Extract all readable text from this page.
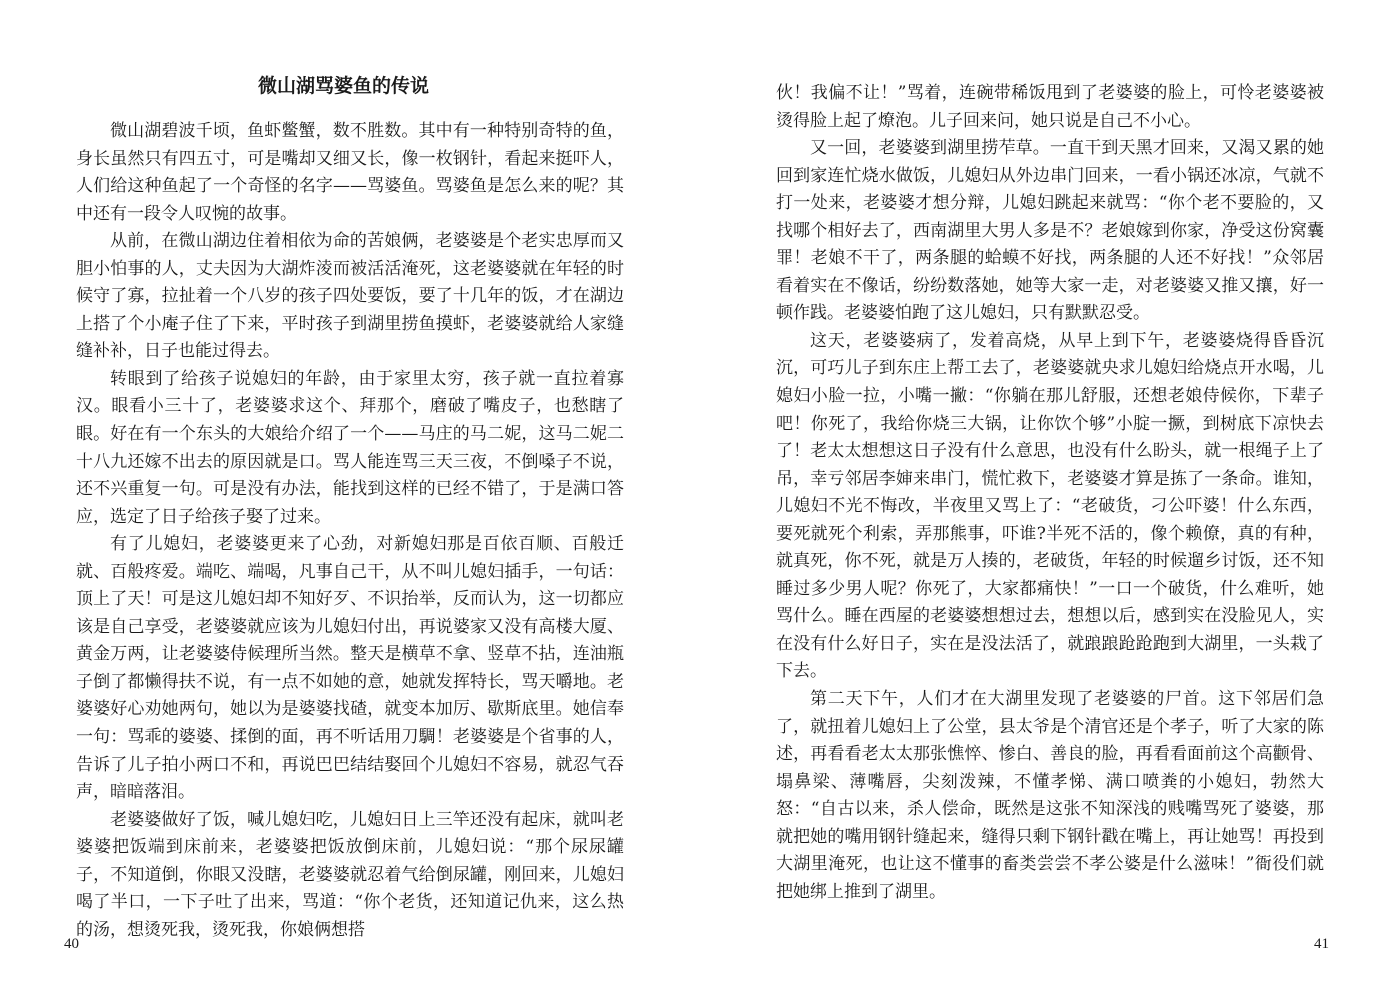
微山湖骂婆鱼的传说

微山湖碧波千顷，鱼虾鳖蟹，数不胜数。其中有一种特别奇特的鱼，身长虽然只有四五寸，可是嘴却又细又长，像一枚钢针，看起来挺吓人，人们给这种鱼起了一个奇怪的名字——骂婆鱼。骂婆鱼是怎么来的呢？其中还有一段令人叹惋的故事。

从前，在微山湖边住着相依为命的苦娘俩，老婆婆是个老实忠厚而又胆小怕事的人，丈夫因为大湖炸淩而被活活淹死，这老婆婆就在年轻的时候守了寡，拉扯着一个八岁的孩子四处要饭，要了十几年的饭，才在湖边上搭了个小庵子住了下来，平时孩子到湖里捞鱼摸虾，老婆婆就给人家缝缝补补，日子也能过得去。

转眼到了给孩子说媳妇的年龄，由于家里太穷，孩子就一直拉着寡汉。眼看小三十了，老婆婆求这个、拜那个，磨破了嘴皮子，也愁瞎了眼。好在有一个东头的大娘给介绍了一个——马庄的马二妮，这马二妮二十八九还嫁不出去的原因就是口。骂人能连骂三天三夜，不倒嗓子不说，还不兴重复一句。可是没有办法，能找到这样的已经不错了，于是满口答应，选定了日子给孩子娶了过来。

有了儿媳妇，老婆婆更来了心劲，对新媳妇那是百依百顺、百般迁就、百般疼爱。端吃、端喝，凡事自己干，从不叫儿媳妇插手，一句话：顶上了天！可是这儿媳妇却不知好歹、不识抬举，反而认为，这一切都应该是自己享受，老婆婆就应该为儿媳妇付出，再说婆家又没有高楼大厦、黄金万两，让老婆婆侍候理所当然。整天是横草不拿、竖草不拈，连油瓶子倒了都懒得扶不说，有一点不如她的意，她就发挥特长，骂天嚼地。老婆婆好心劝她两句，她以为是婆婆找碴，就变本加厉、歇斯底里。她信奉一句：骂乖的婆婆、揉倒的面，再不听话用刀騆！老婆婆是个省事的人，告诉了儿子拍小两口不和，再说巴巴结结娶回个儿媳妇不容易，就忍气吞声，暗暗落泪。

老婆婆做好了饭，喊儿媳妇吃，儿媳妇日上三竿还没有起床，就叫老婆婆把饭端到床前来，老婆婆把饭放倒床前，儿媳妇说：“那个尿尿罐子，不知道倒，你眼又没瞎，老婆婆就忍着气给倒尿罐，刚回来，儿媳妇喝了半口，一下子吐了出来，骂道：“你个老货，还知道记仇来，这么热的汤，想烫死我，烫死我，你娘俩想搭

40

伙！我偏不让！”骂着，连碗带稀饭甩到了老婆婆的脸上，可怜老婆婆被烫得脸上起了燎泡。儿子回来问，她只说是自己不小心。

又一回，老婆婆到湖里捞苲草。一直干到天黑才回来，又渴又累的她回到家连忙烧水做饭，儿媳妇从外边串门回来，一看小锅还冰凉，气就不打一处来，老婆婆才想分辩，儿媳妇跳起来就骂：“你个老不要脸的，又找哪个相好去了，西南湖里大男人多是不？老娘嫁到你家，净受这份窝囊罪！老娘不干了，两条腿的蛤蟆不好找，两条腿的人还不好找！”众邻居看着实在不像话，纷纷数落她，她等大家一走，对老婆婆又推又攘，好一顿作践。老婆婆怕跑了这儿媳妇，只有默默忍受。

这天，老婆婆病了，发着高烧，从早上到下午，老婆婆烧得昏昏沉沉，可巧儿子到东庄上帮工去了，老婆婆就央求儿媳妇给烧点开水喝，儿媳妇小脸一拉，小嘴一撇：“你躺在那儿舒服，还想老娘侍候你，下辈子吧！你死了，我给你烧三大锅，让你饮个够”小腚一撅，到树底下凉快去了！老太太想想这日子没有什么意思，也没有什么盼头，就一根绳子上了吊，幸亏邻居李婶来串门，慌忙救下，老婆婆才算是拣了一条命。谁知，儿媳妇不光不悔改，半夜里又骂上了：“老破货，刁公吓婆！什么东西，要死就死个利索，弄那熊事，吓谁?半死不活的，像个赖僚，真的有种，就真死，你不死，就是万人揍的，老破货，年轻的时候遛乡讨饭，还不知睡过多少男人呢？你死了，大家都痛快！”一口一个破货，什么难听，她骂什么。睡在西屋的老婆婆想想过去，想想以后，感到实在没脸见人，实在没有什么好日子，实在是没法活了，就踉踉跄跄跑到大湖里，一头栽了下去。

第二天下午，人们才在大湖里发现了老婆婆的尸首。这下邻居们急了，就扭着儿媳妇上了公堂，县太爷是个清官还是个孝子，听了大家的陈述，再看看老太太那张憔悴、惨白、善良的脸，再看看面前这个高颧骨、塌鼻梁、薄嘴唇，尖刻泼辣，不懂孝悌、满口喷粪的小媳妇，勃然大怒：“自古以来，杀人偿命，既然是这张不知深浅的贱嘴骂死了婆婆，那就把她的嘴用钢针缝起来，缝得只剩下钢针戳在嘴上，再让她骂！再投到大湖里淹死，也让这不懂事的畜类尝尝不孝公婆是什么滋味！”衙役们就把她绑上推到了湖里。

41
